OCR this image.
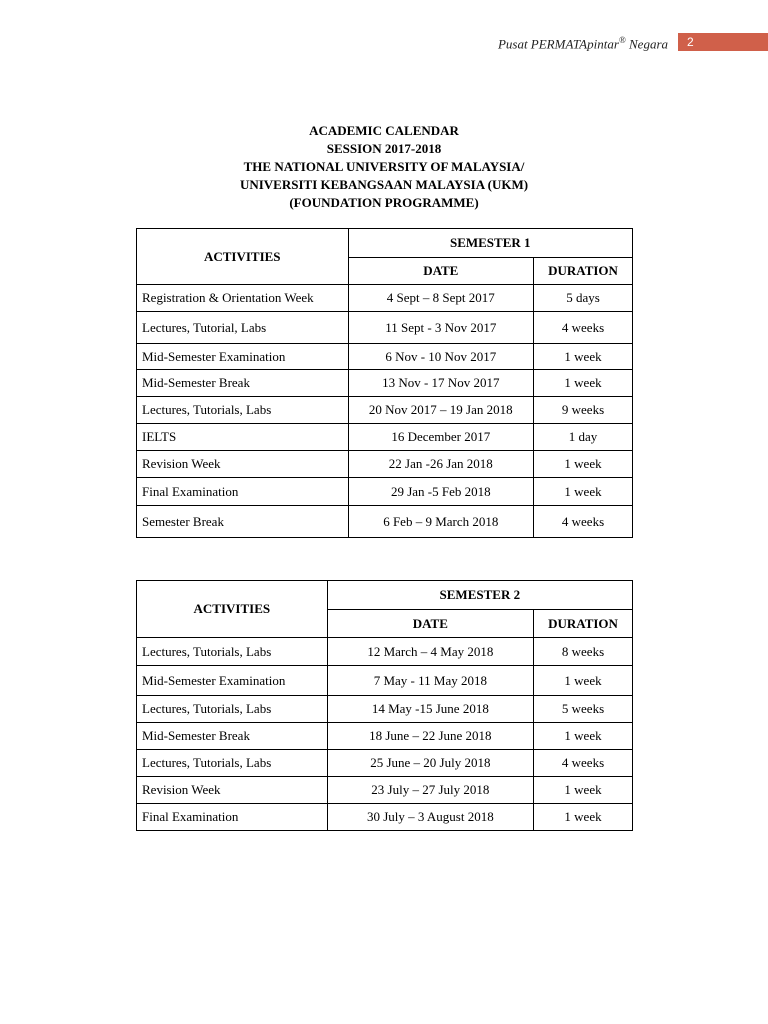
Pusat PERMATApintar® Negara	2
ACADEMIC CALENDAR
SESSION 2017-2018
THE NATIONAL UNIVERSITY OF MALAYSIA/
UNIVERSITI KEBANGSAAN MALAYSIA (UKM)
(FOUNDATION PROGRAMME)
ACTIVITIES	SEMESTER 1	
	DATE	DURATION
Registration & Orientation Week	4 Sept – 8 Sept 2017	5 days
Lectures, Tutorial, Labs	11 Sept - 3 Nov 2017	4 weeks
Mid-Semester Examination	6 Nov - 10 Nov 2017	1 week
Mid-Semester Break	13 Nov - 17 Nov 2017	1 week
Lectures, Tutorials, Labs	20 Nov 2017 – 19 Jan 2018	9 weeks
IELTS	16 December 2017	1 day
Revision Week	22 Jan -26 Jan 2018	1 week
Final Examination	29 Jan -5 Feb 2018	1 week
Semester Break	6 Feb – 9 March 2018	4 weeks
ACTIVITIES	SEMESTER 2	
	DATE	DURATION
Lectures, Tutorials, Labs	12 March – 4 May 2018	8 weeks
Mid-Semester Examination	7 May - 11 May 2018	1 week
Lectures, Tutorials, Labs	14 May -15 June 2018	5 weeks
Mid-Semester Break	18 June – 22 June 2018	1 week
Lectures, Tutorials, Labs	25 June – 20 July 2018	4 weeks
Revision Week	23 July – 27 July 2018	1 week
Final Examination	30 July – 3 August 2018	1 week
